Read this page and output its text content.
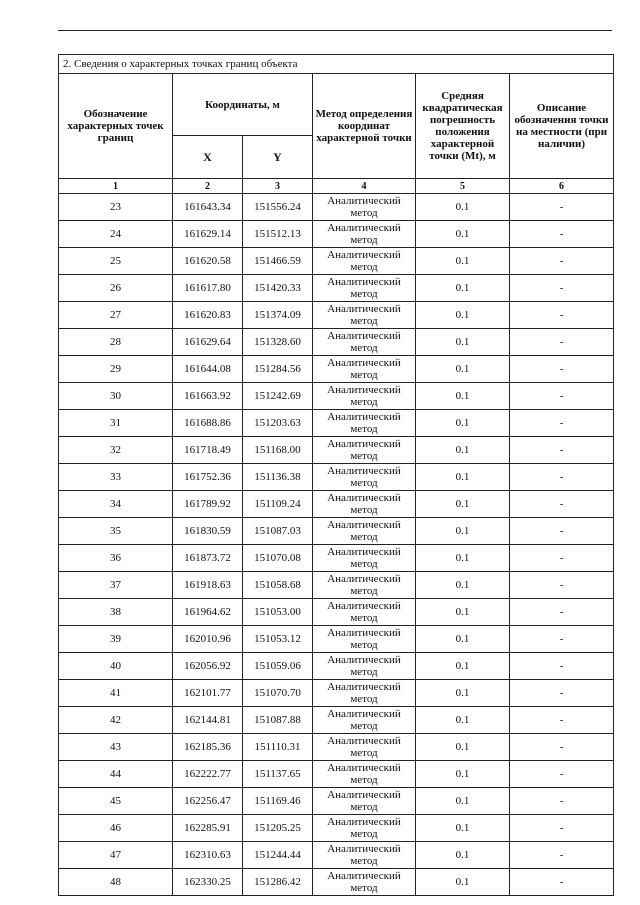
2. Сведения о характерных точках границ объекта					
Обозначение характерных точек границ	Координаты, м		Метод определения координат характерной точки	Средняя квадратическая погрешность положения характерной точки (Mt), м	Описание обозначения точки на местности (при наличии)
	X	Y			
1	2	3	4	5	6
23	161643.34	151556.24	Аналитический метод	0.1	-
24	161629.14	151512.13	Аналитический метод	0.1	-
25	161620.58	151466.59	Аналитический метод	0.1	-
26	161617.80	151420.33	Аналитический метод	0.1	-
27	161620.83	151374.09	Аналитический метод	0.1	-
28	161629.64	151328.60	Аналитический метод	0.1	-
29	161644.08	151284.56	Аналитический метод	0.1	-
30	161663.92	151242.69	Аналитический метод	0.1	-
31	161688.86	151203.63	Аналитический метод	0.1	-
32	161718.49	151168.00	Аналитический метод	0.1	-
33	161752.36	151136.38	Аналитический метод	0.1	-
34	161789.92	151109.24	Аналитический метод	0.1	-
35	161830.59	151087.03	Аналитический метод	0.1	-
36	161873.72	151070.08	Аналитический метод	0.1	-
37	161918.63	151058.68	Аналитический метод	0.1	-
38	161964.62	151053.00	Аналитический метод	0.1	-
39	162010.96	151053.12	Аналитический метод	0.1	-
40	162056.92	151059.06	Аналитический метод	0.1	-
41	162101.77	151070.70	Аналитический метод	0.1	-
42	162144.81	151087.88	Аналитический метод	0.1	-
43	162185.36	151110.31	Аналитический метод	0.1	-
44	162222.77	151137.65	Аналитический метод	0.1	-
45	162256.47	151169.46	Аналитический метод	0.1	-
46	162285.91	151205.25	Аналитический метод	0.1	-
47	162310.63	151244.44	Аналитический метод	0.1	-
48	162330.25	151286.42	Аналитический метод	0.1	-
